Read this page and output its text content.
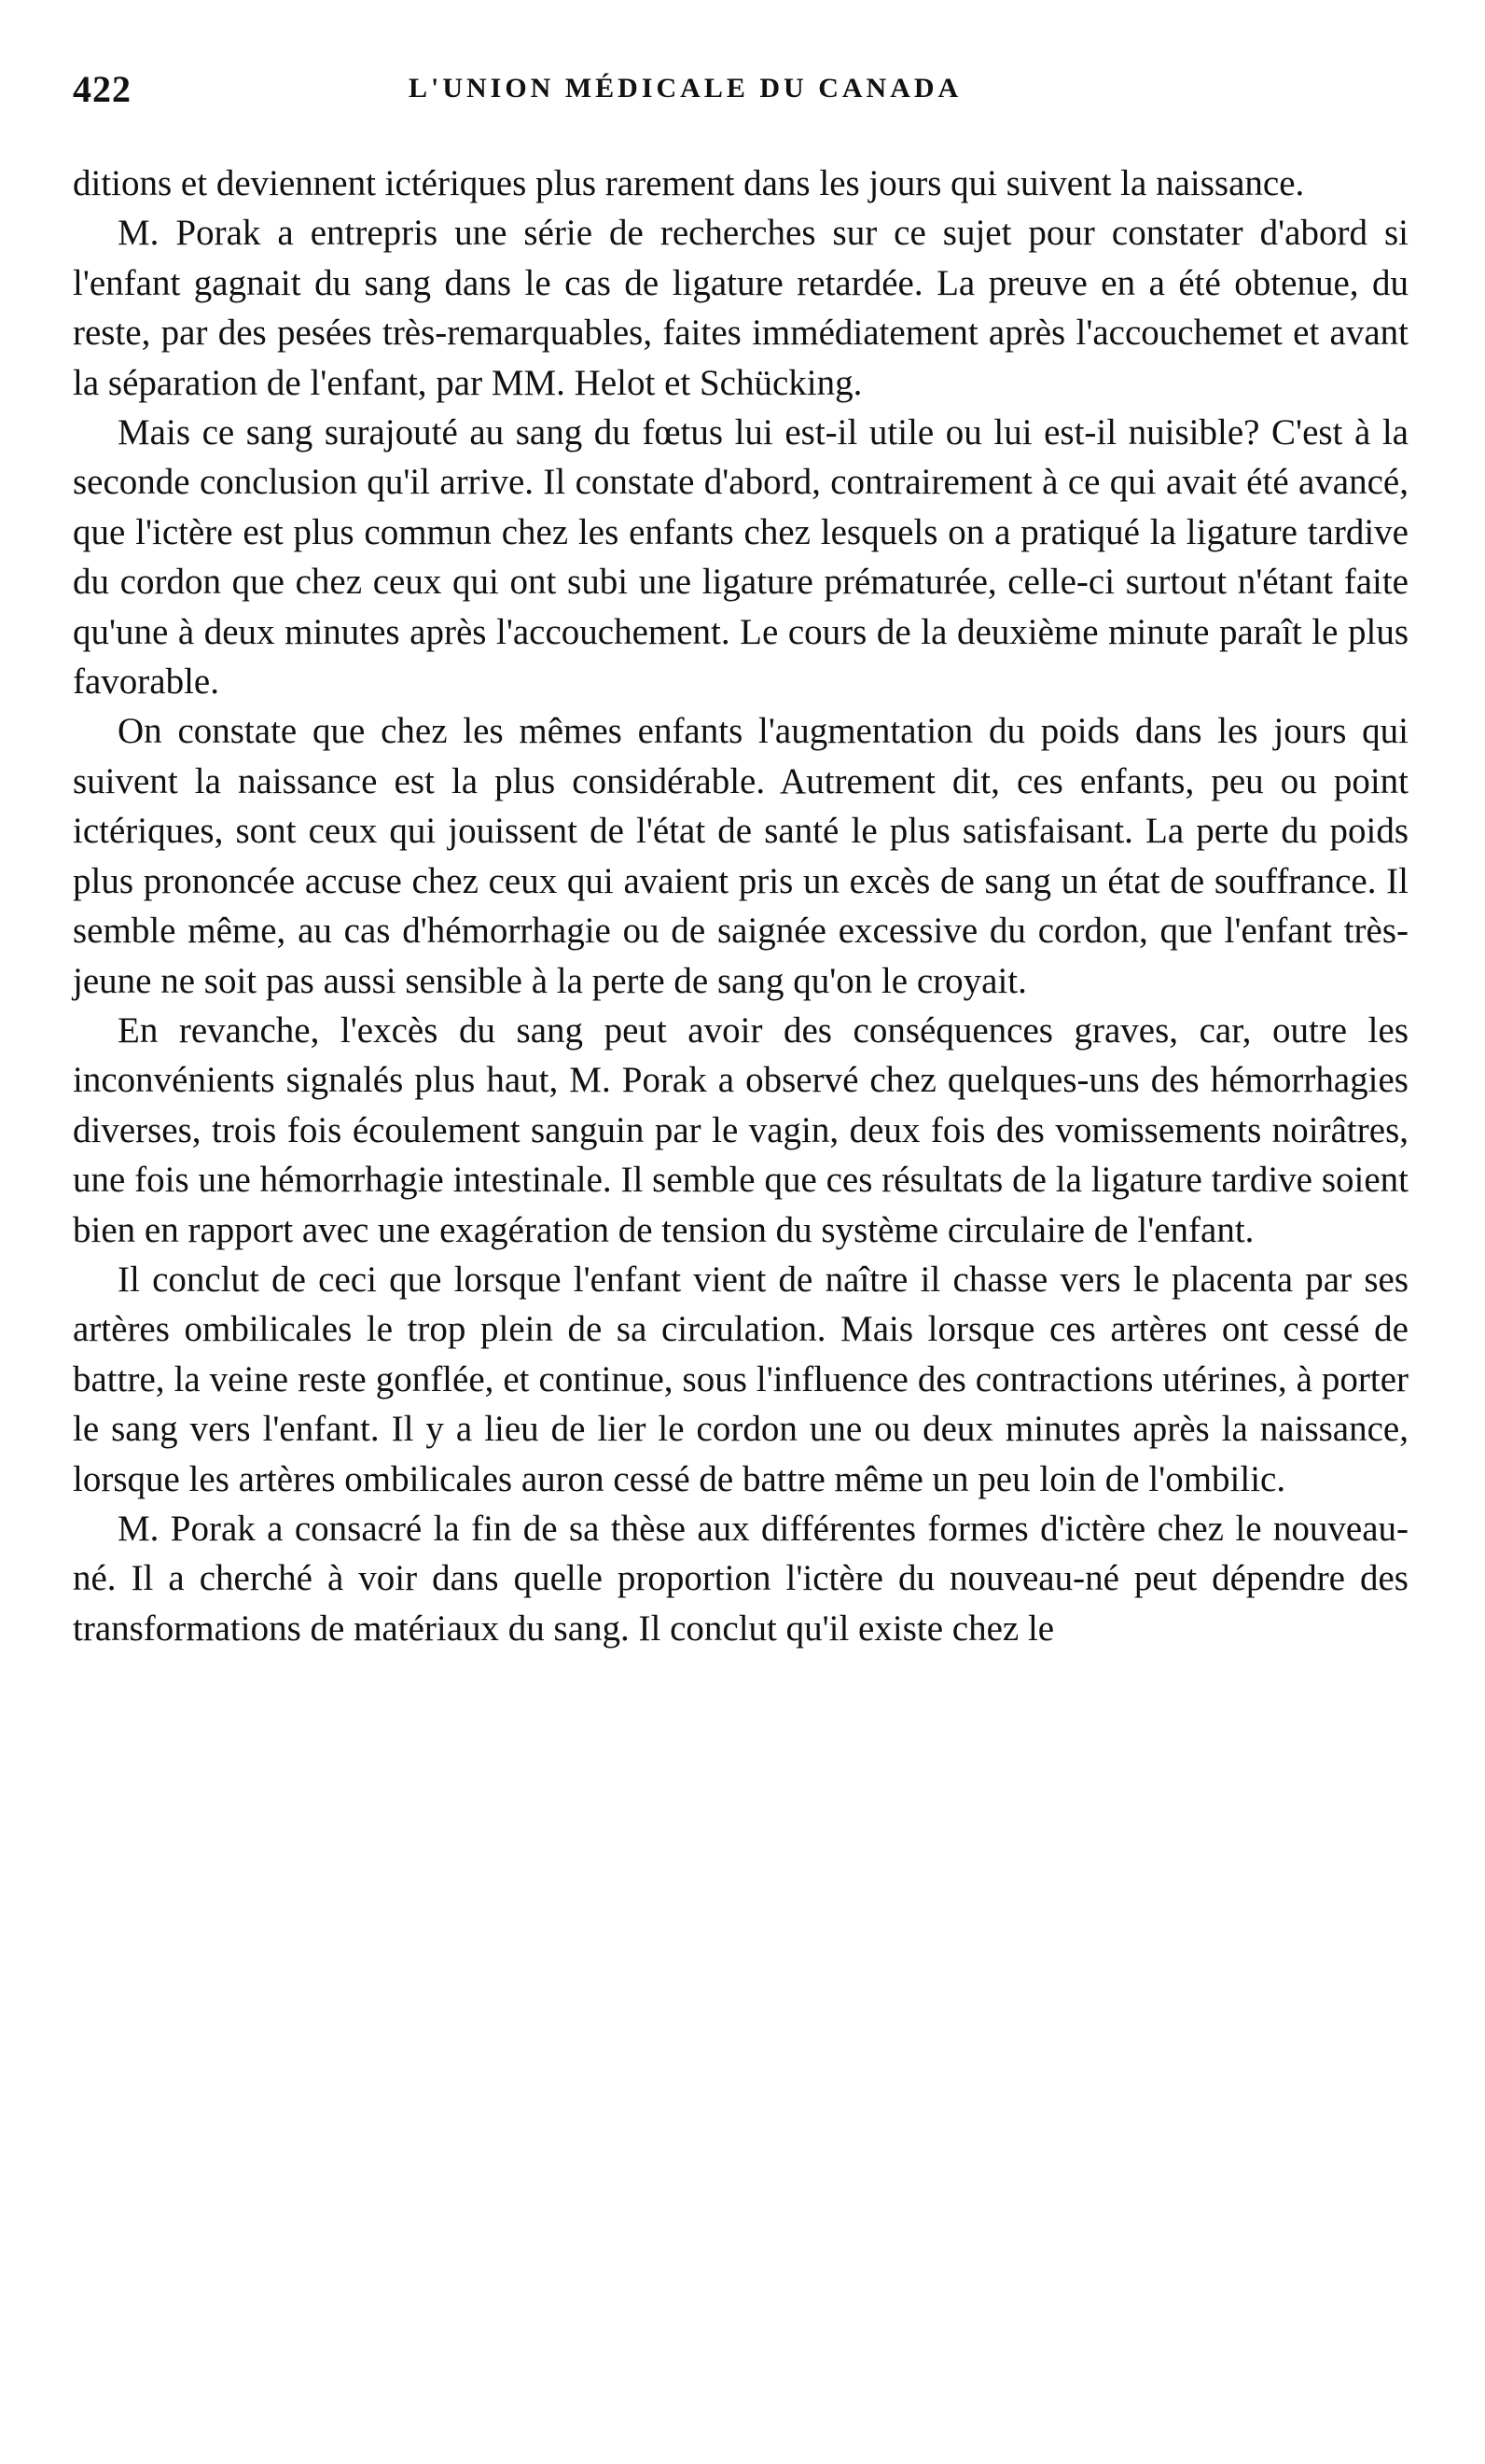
422	L'UNION MÉDICALE DU CANADA

ditions et deviennent ictériques plus rarement dans les jours qui suivent la naissance.

M. Porak a entrepris une série de recherches sur ce sujet pour constater d'abord si l'enfant gagnait du sang dans le cas de ligature retardée. La preuve en a été obtenue, du reste, par des pesées très-remarquables, faites immédiatement après l'accouchemet et avant la séparation de l'enfant, par MM. Helot et Schücking.

Mais ce sang surajouté au sang du fœtus lui est-il utile ou lui est-il nuisible? C'est à la seconde conclusion qu'il arrive. Il constate d'abord, contrairement à ce qui avait été avancé, que l'ictère est plus commun chez les enfants chez lesquels on a pratiqué la ligature tardive du cordon que chez ceux qui ont subi une ligature prématurée, celle-ci surtout n'étant faite qu'une à deux minutes après l'accouchement. Le cours de la deuxième minute paraît le plus favorable.

On constate que chez les mêmes enfants l'augmentation du poids dans les jours qui suivent la naissance est la plus considérable. Autrement dit, ces enfants, peu ou point ictériques, sont ceux qui jouissent de l'état de santé le plus satisfaisant. La perte du poids plus prononcée accuse chez ceux qui avaient pris un excès de sang un état de souffrance. Il semble même, au cas d'hémorrhagie ou de saignée excessive du cordon, que l'enfant très-jeune ne soit pas aussi sensible à la perte de sang qu'on le croyait.

En revanche, l'excès du sang peut avoir des conséquences graves, car, outre les inconvénients signalés plus haut, M. Porak a observé chez quelques-uns des hémorrhagies diverses, trois fois écoulement sanguin par le vagin, deux fois des vomissements noirâtres, une fois une hémorrhagie intestinale. Il semble que ces résultats de la ligature tardive soient bien en rapport avec une exagération de tension du système circulaire de l'enfant.

Il conclut de ceci que lorsque l'enfant vient de naître il chasse vers le placenta par ses artères ombilicales le trop plein de sa circulation. Mais lorsque ces artères ont cessé de battre, la veine reste gonflée, et continue, sous l'influence des contractions utérines, à porter le sang vers l'enfant. Il y a lieu de lier le cordon une ou deux minutes après la naissance, lorsque les artères ombilicales auron cessé de battre même un peu loin de l'ombilic.

M. Porak a consacré la fin de sa thèse aux différentes formes d'ictère chez le nouveau-né. Il a cherché à voir dans quelle proportion l'ictère du nouveau-né peut dépendre des transformations de matériaux du sang. Il conclut qu'il existe chez le
